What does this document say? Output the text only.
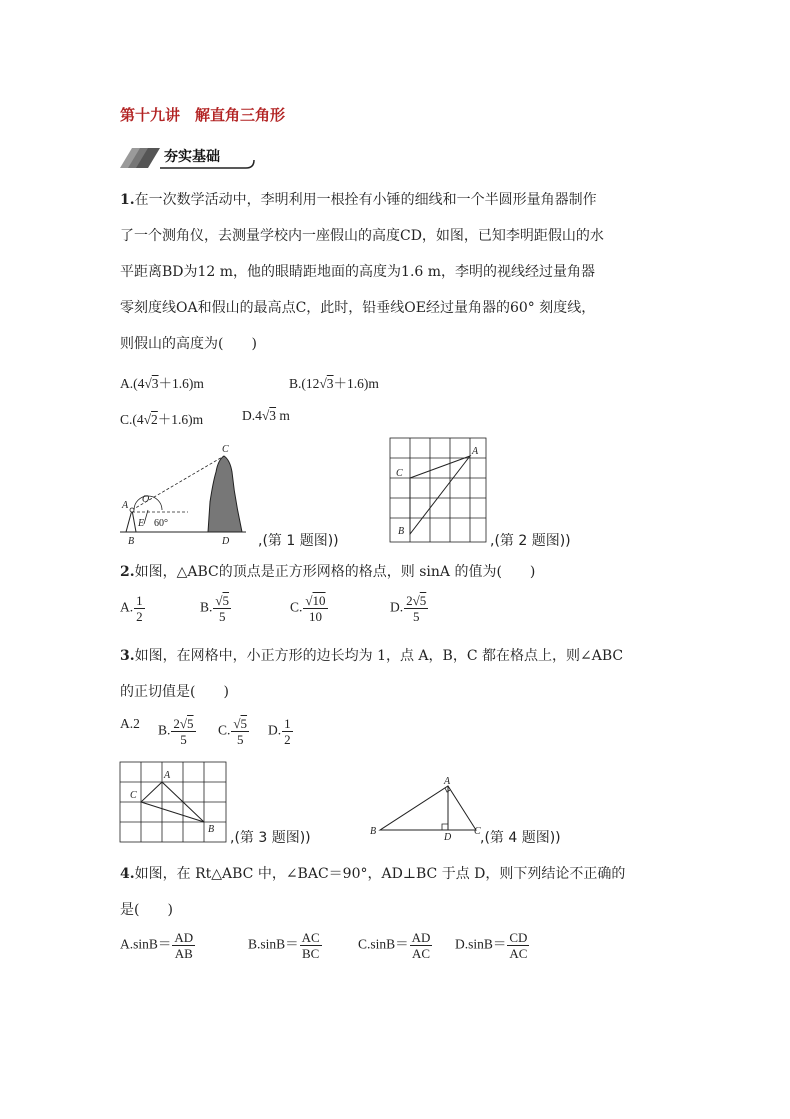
第十九讲　解直角三角形
夯实基础
1.在一次数学活动中，李明利用一根拴有小锤的细线和一个半圆形量角器制作
了一个测角仪，去测量学校内一座假山的高度CD，如图，已知李明距假山的水
平距离BD为12 m，他的眼睛距地面的高度为1.6 m，李明的视线经过量角器
零刻度线OA和假山的最高点C，此时，铅垂线OE经过量角器的60° 刻度线，
则假山的高度为(　　)
A.(4√3＋1.6)m	B.(12√3＋1.6)m
C.(4√2＋1.6)m	D.4√3 m
C
O
A
E 60°
B	D ,(第 1 题图))
A
C
B
,(第 2 题图))
2.如图，△ABC的顶点是正方形网格的格点，则 sinA 的值为(　　)
A. $\frac{1}{2}$	B. $\frac{√5}{5}$	C. $\frac{√10}{10}$	D. $\frac{2√5}{5}$
3.如图，在网格中，小正方形的边长均为 1，点 A，B，C 都在格点上，则∠ABC
的正切值是(　　)
A.2 B. $\frac{2√5}{5} C$. $\frac{√5}{5} D$. $\frac{1}{2}$
A
C
B
,(第 3 题图))
A
B
D
C ,(第 4 题图))
4.如图，在 Rt△ABC 中，∠BAC＝90°，AD⊥BC 于点 D，则下列结论不正确的
是(　　)
$A.\sin B= \frac{AD}{AB}$	$B.\sin B= \frac{AC}{BC}$	$C.\sin B= \frac{AD}{AC} D.\sin B= \frac{CD}{AC}$
